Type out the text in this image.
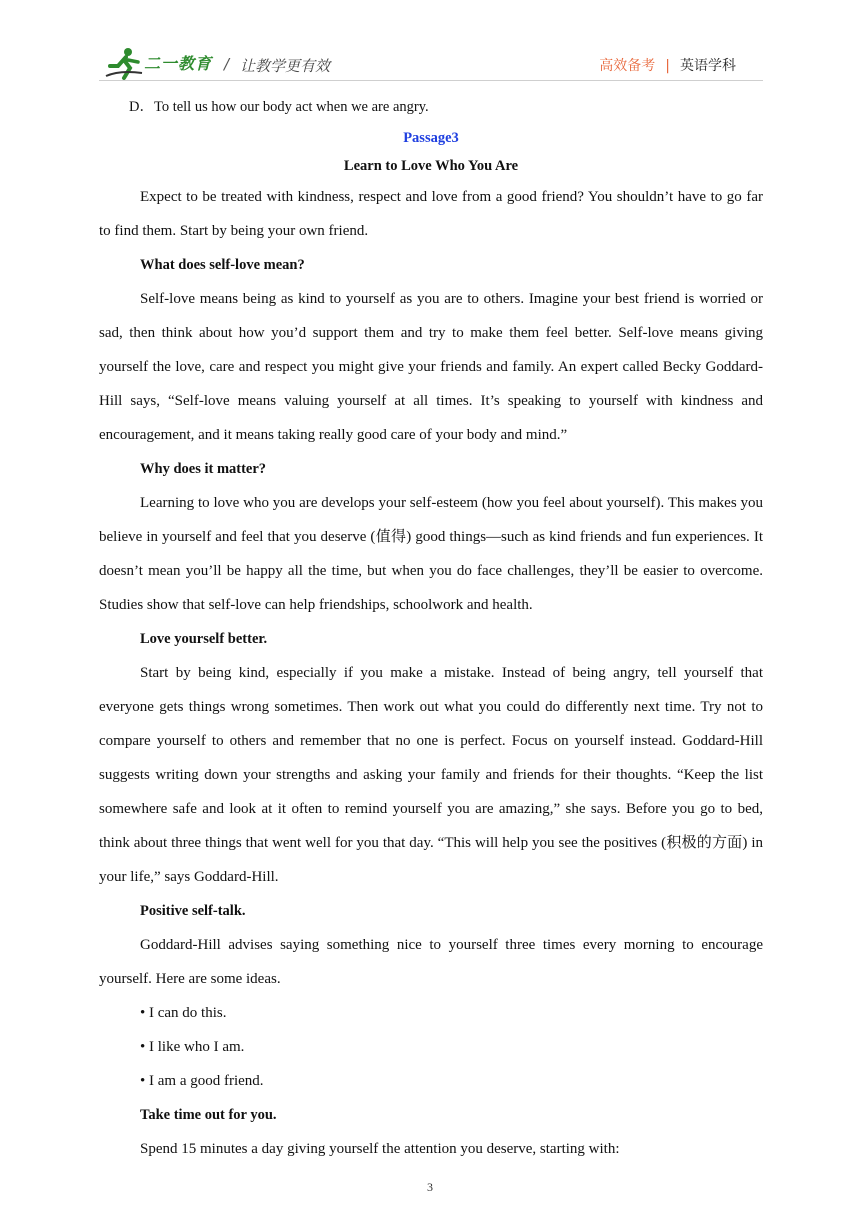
二一教育 / 让教学更有效	高效备考 | 英语学科

D．To tell us how our body act when we are angry.

Passage3

Learn to Love Who You Are

Expect to be treated with kindness, respect and love from a good friend? You shouldn’t have to go far to find them. Start by being your own friend.

What does self-love mean?

Self-love means being as kind to yourself as you are to others. Imagine your best friend is worried or sad, then think about how you’d support them and try to make them feel better. Self-love means giving yourself the love, care and respect you might give your friends and family. An expert called Becky Goddard-Hill says, “Self-love means valuing yourself at all times. It’s speaking to yourself with kindness and encouragement, and it means taking really good care of your body and mind.”

Why does it matter?

Learning to love who you are develops your self-esteem (how you feel about yourself). This makes you believe in yourself and feel that you deserve (值得) good things—such as kind friends and fun experiences. It doesn’t mean you’ll be happy all the time, but when you do face challenges, they’ll be easier to overcome. Studies show that self-love can help friendships, schoolwork and health.

Love yourself better.

Start by being kind, especially if you make a mistake. Instead of being angry, tell yourself that everyone gets things wrong sometimes. Then work out what you could do differently next time. Try not to compare yourself to others and remember that no one is perfect. Focus on yourself instead. Goddard-Hill suggests writing down your strengths and asking your family and friends for their thoughts. “Keep the list somewhere safe and look at it often to remind yourself you are amazing,” she says. Before you go to bed, think about three things that went well for you that day. “This will help you see the positives (积极的方面) in your life,” says Goddard-Hill.

Positive self-talk.

Goddard-Hill advises saying something nice to yourself three times every morning to encourage yourself. Here are some ideas.

• I can do this.

• I like who I am.

• I am a good friend.

Take time out for you.

Spend 15 minutes a day giving yourself the attention you deserve, starting with:

3
